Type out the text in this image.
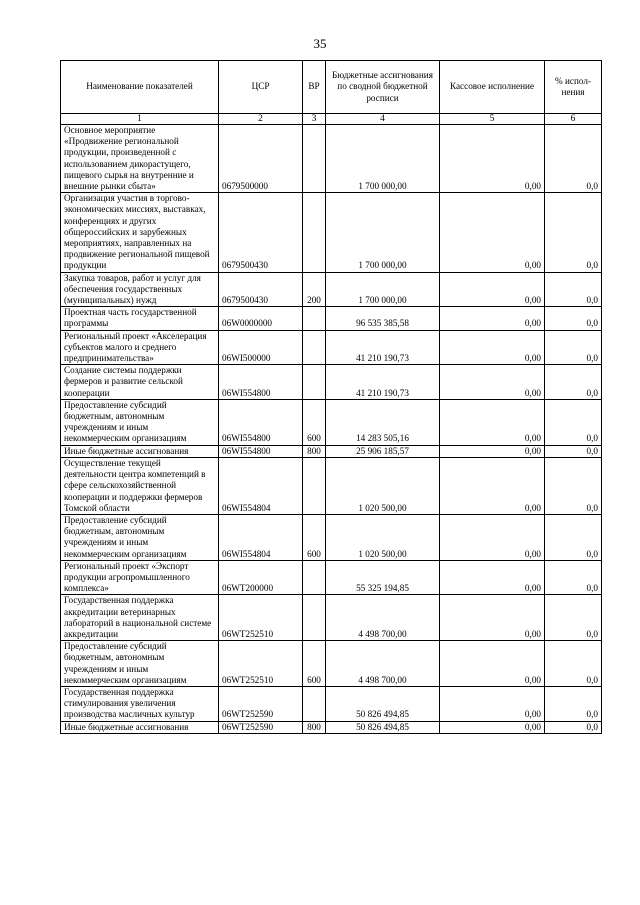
35
Наименование показателей	ЦСР	ВР	Бюджетные ассигнования по сводной бюджетной росписи	Кассовое исполнение	% испол-нения
1	2	3	4	5	6
Основное мероприятие «Продвижение региональной продукции, произведенной с использованием дикорастущего, пищевого сырья на внутренние и внешние рынки сбыта»	0679500000		1 700 000,00	0,00	0,0
Организация участия в торгово-экономических миссиях, выставках, конференциях и других общероссийских и зарубежных мероприятиях, направленных на продвижение региональной пищевой продукции	0679500430		1 700 000,00	0,00	0,0
Закупка товаров, работ и услуг для обеспечения государственных (муниципальных) нужд	0679500430	200	1 700 000,00	0,00	0,0
Проектная часть государственной программы	06W0000000		96 535 385,58	0,00	0,0
Региональный проект «Акселерация субъектов малого и среднего предпринимательства»	06WI500000		41 210 190,73	0,00	0,0
Создание системы поддержки фермеров и развитие сельской кооперации	06WI554800		41 210 190,73	0,00	0,0
Предоставление субсидий бюджетным, автономным учреждениям и иным некоммерческим организациям	06WI554800	600	14 283 505,16	0,00	0,0
Иные бюджетные ассигнования	06WI554800	800	25 906 185,57	0,00	0,0
Осуществление текущей деятельности центра компетенций в сфере сельскохозяйственной кооперации и поддержки фермеров Томской области	06WI554804		1 020 500,00	0,00	0,0
Предоставление субсидий бюджетным, автономным учреждениям и иным некоммерческим организациям	06WI554804	600	1 020 500,00	0,00	0,0
Региональный проект «Экспорт продукции агропромышленного комплекса»	06WT200000		55 325 194,85	0,00	0,0
Государственная поддержка аккредитации ветеринарных лабораторий в национальной системе аккредитации	06WT252510		4 498 700,00	0,00	0,0
Предоставление субсидий бюджетным, автономным учреждениям и иным некоммерческим организациям	06WT252510	600	4 498 700,00	0,00	0,0
Государственная поддержка стимулирования увеличения производства масличных культур	06WT252590		50 826 494,85	0,00	0,0
Иные бюджетные ассигнования	06WT252590	800	50 826 494,85	0,00	0,0
